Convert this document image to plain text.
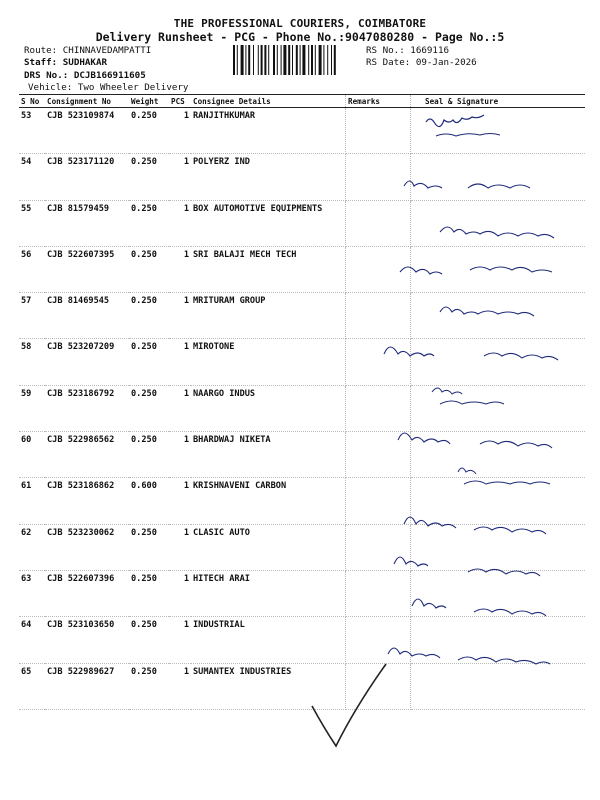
THE PROFESSIONAL COURIERS, COIMBATORE
Delivery Runsheet - PCG - Phone No.:9047080280 - Page No.:5
Route: CHINNAVEDAMPATTI
Staff: SUDHAKAR
DRS No.: DCJB166911605
Vehicle: Two Wheeler Delivery
RS No.: 1669116
RS Date: 09-Jan-2026
S No	Consignment No	Weight	PCS	Consignee Details	Remarks	Seal & Signature
53	CJB 523109874	0.250	1	RANJITHKUMAR		
54	CJB 523171120	0.250	1	POLYERZ IND		
55	CJB 81579459	0.250	1	BOX AUTOMOTIVE EQUIPMENTS		
56	CJB 522607395	0.250	1	SRI BALAJI MECH TECH		
57	CJB 81469545	0.250	1	MRITURAM GROUP		
58	CJB 523207209	0.250	1	MIROTONE		
59	CJB 523186792	0.250	1	NAARGO INDUS		
60	CJB 522986562	0.250	1	BHARDWAJ NIKETA		
61	CJB 523186862	0.600	1	KRISHNAVENI CARBON		
62	CJB 523230062	0.250	1	CLASIC AUTO		
63	CJB 522607396	0.250	1	HITECH ARAI		
64	CJB 523103650	0.250	1	INDUSTRIAL		
65	CJB 522989627	0.250	1	SUMANTEX INDUSTRIES		
